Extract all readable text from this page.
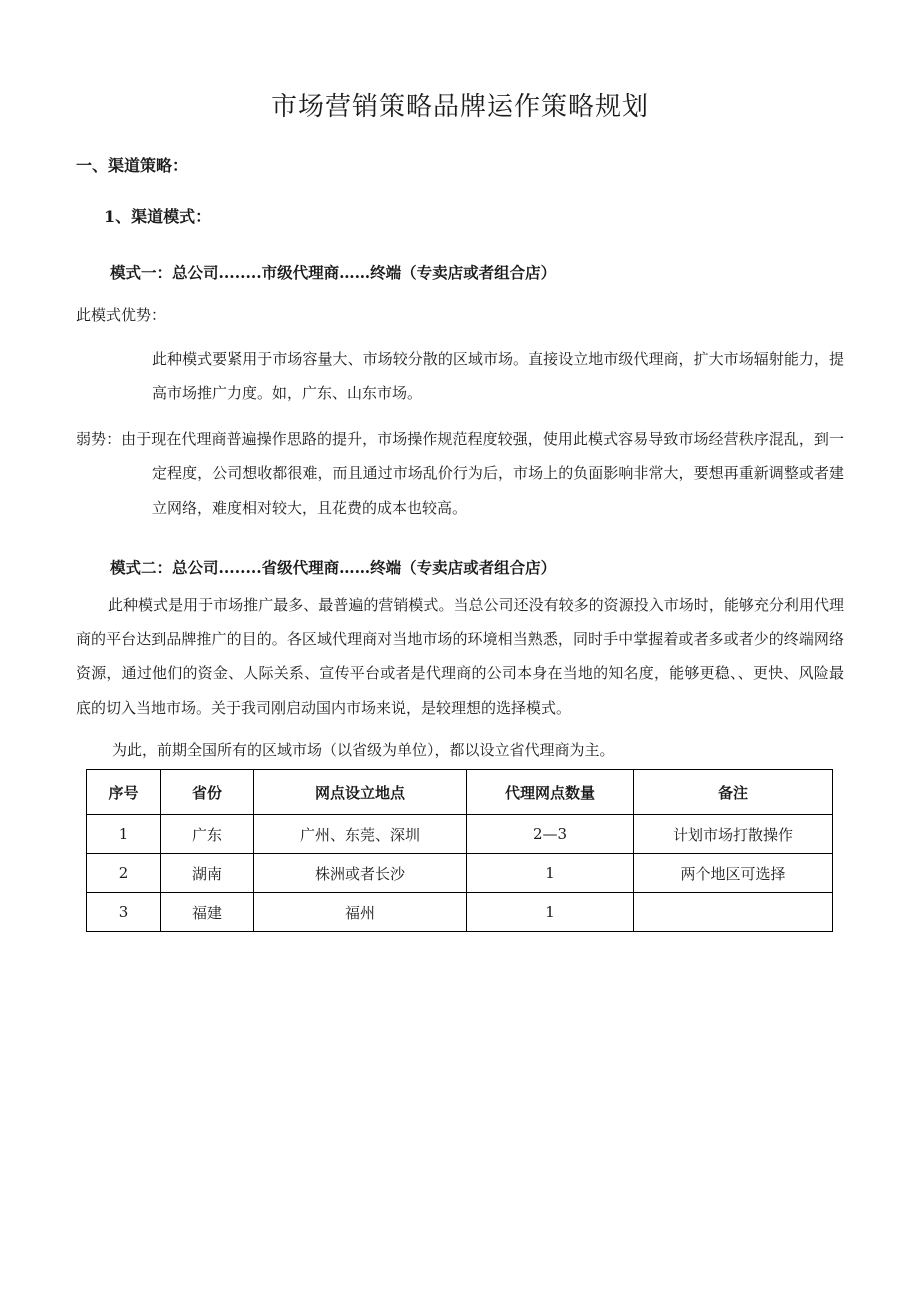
市场营销策略品牌运作策略规划

一、渠道策略：

1、渠道模式：

模式一：总公司........市级代理商……终端（专卖店或者组合店）

此模式优势：

此种模式要紧用于市场容量大、市场较分散的区域市场。直接设立地市级代理商，扩大市场辐射能力，提高市场推广力度。如，广东、山东市场。

弱势：由于现在代理商普遍操作思路的提升，市场操作规范程度较强，使用此模式容易导致市场经营秩序混乱，到一定程度，公司想收都很难，而且通过市场乱价行为后，市场上的负面影响非常大，要想再重新调整或者建立网络，难度相对较大，且花费的成本也较高。

模式二：总公司........省级代理商……终端（专卖店或者组合店）

此种模式是用于市场推广最多、最普遍的营销模式。当总公司还没有较多的资源投入市场时，能够充分利用代理商的平台达到品牌推广的目的。各区域代理商对当地市场的环境相当熟悉，同时手中掌握着或者多或者少的终端网络资源，通过他们的资金、人际关系、宣传平台或者是代理商的公司本身在当地的知名度，能够更稳、、更快、风险最底的切入当地市场。关于我司刚启动国内市场来说，是较理想的选择模式。

为此，前期全国所有的区域市场（以省级为单位），都以设立省代理商为主。

序号	省份	网点设立地点	代理网点数量	备注
1	广东	广州、东莞、深圳	2—3	计划市场打散操作
2	湖南	株洲或者长沙	1	两个地区可选择
3	福建	福州	1	
